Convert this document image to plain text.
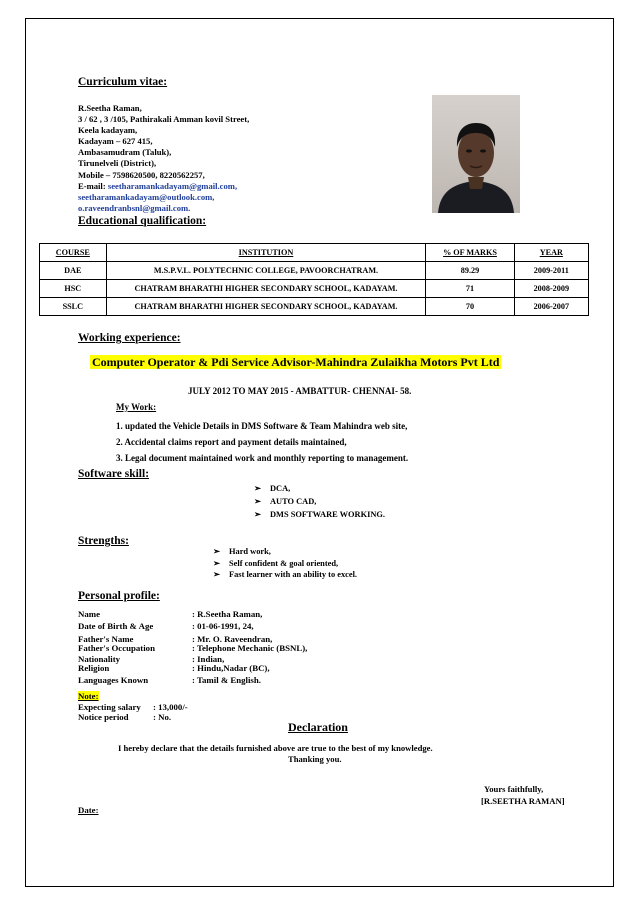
Curriculum vitae:
R.Seetha Raman,
3 / 62 , 3 /105, Pathirakali Amman kovil Street,
Keela kadayam,
Kadayam – 627 415,
Ambasamudram (Taluk),
Tirunelveli (District),
Mobile – 7598620500, 8220562257,
E-mail: seetharamankadayam@gmail.com,
seetharamankadayam@outlook.com,
o.raveendranbsnl@gmail.com.
Educational qualification:
COURSE	INSTITUTION	% OF MARKS	YEAR
DAE	M.S.P.V.L. POLYTECHNIC COLLEGE, PAVOORCHATRAM.	89.29	2009-2011
HSC	CHATRAM BHARATHI HIGHER SECONDARY SCHOOL, KADAYAM.	71	2008-2009
SSLC	CHATRAM BHARATHI HIGHER SECONDARY SCHOOL, KADAYAM.	70	2006-2007
Working experience:
Computer Operator & Pdi Service Advisor-Mahindra Zulaikha Motors Pvt Ltd
JULY 2012 TO MAY 2015 - AMBATTUR- CHENNAI- 58.
My Work:
1. updated the Vehicle Details in DMS Software & Team Mahindra web site,
2. Accidental claims report and payment details maintained,
3. Legal document maintained work and monthly reporting to management.
Software skill:
➢ DCA,
➢ AUTO CAD,
➢ DMS SOFTWARE WORKING.
Strengths:
➢ Hard work,
➢ Self confident & goal oriented,
➢ Fast learner with an ability to excel.
Personal profile:
Name	: R.Seetha Raman,
Date of Birth & Age	: 01-06-1991, 24,
Father's Name	: Mr. O. Raveendran,
Father's Occupation	: Telephone Mechanic (BSNL),
Nationality	: Indian,
Religion	: Hindu,Nadar (BC),
Languages Known	: Tamil & English.
Note:
Expecting salary : 13,000/-
Notice period	: No.
Declaration
I hereby declare that the details furnished above are true to the best of my knowledge.
Thanking you.
Yours faithfully,
[R.SEETHA RAMAN]
Date:
